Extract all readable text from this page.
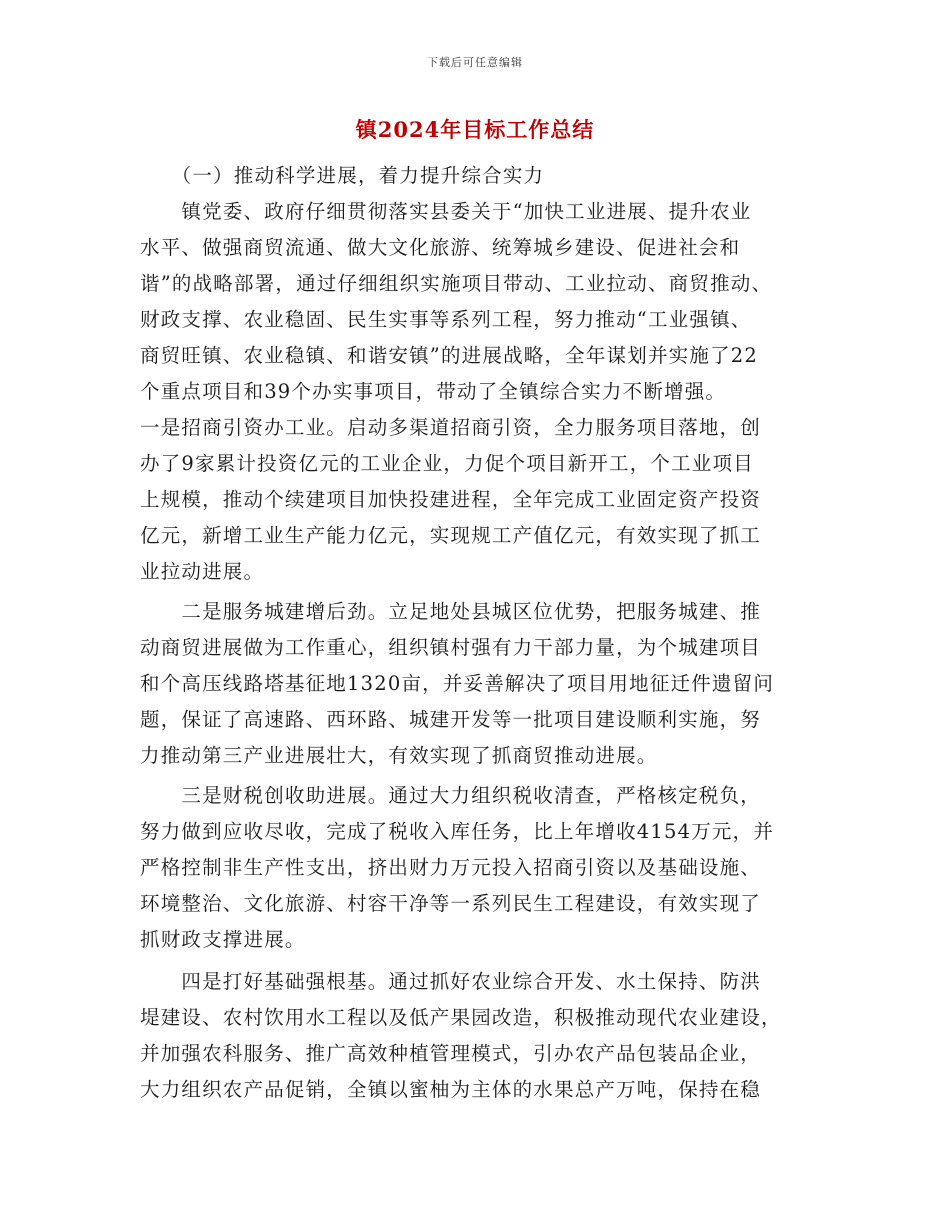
下载后可任意编辑
镇2024年目标工作总结
　　（一）推动科学进展，着力提升综合实力
　　镇党委、政府仔细贯彻落实县委关于“加快工业进展、提升农业
水平、做强商贸流通、做大文化旅游、统筹城乡建设、促进社会和
谐”的战略部署，通过仔细组织实施项目带动、工业拉动、商贸推动、
财政支撑、农业稳固、民生实事等系列工程，努力推动“工业强镇、
商贸旺镇、农业稳镇、和谐安镇”的进展战略，全年谋划并实施了22
个重点项目和39个办实事项目，带动了全镇综合实力不断增强。
一是招商引资办工业。启动多渠道招商引资，全力服务项目落地，创
办了9家累计投资亿元的工业企业，力促个项目新开工，个工业项目
上规模，推动个续建项目加快投建进程，全年完成工业固定资产投资
亿元，新增工业生产能力亿元，实现规工产值亿元，有效实现了抓工
业拉动进展。
　　二是服务城建增后劲。立足地处县城区位优势，把服务城建、推
动商贸进展做为工作重心，组织镇村强有力干部力量，为个城建项目
和个高压线路塔基征地1320亩，并妥善解决了项目用地征迁件遗留问
题，保证了高速路、西环路、城建开发等一批项目建设顺利实施，努
力推动第三产业进展壮大，有效实现了抓商贸推动进展。
　　三是财税创收助进展。通过大力组织税收清查，严格核定税负，
努力做到应收尽收，完成了税收入库任务，比上年增收4154万元，并
严格控制非生产性支出，挤出财力万元投入招商引资以及基础设施、
环境整治、文化旅游、村容干净等一系列民生工程建设，有效实现了
抓财政支撑进展。
　　四是打好基础强根基。通过抓好农业综合开发、水土保持、防洪
堤建设、农村饮用水工程以及低产果园改造，积极推动现代农业建设，
并加强农科服务、推广高效种植管理模式，引办农产品包装品企业，
大力组织农产品促销，全镇以蜜柚为主体的水果总产万吨，保持在稳
